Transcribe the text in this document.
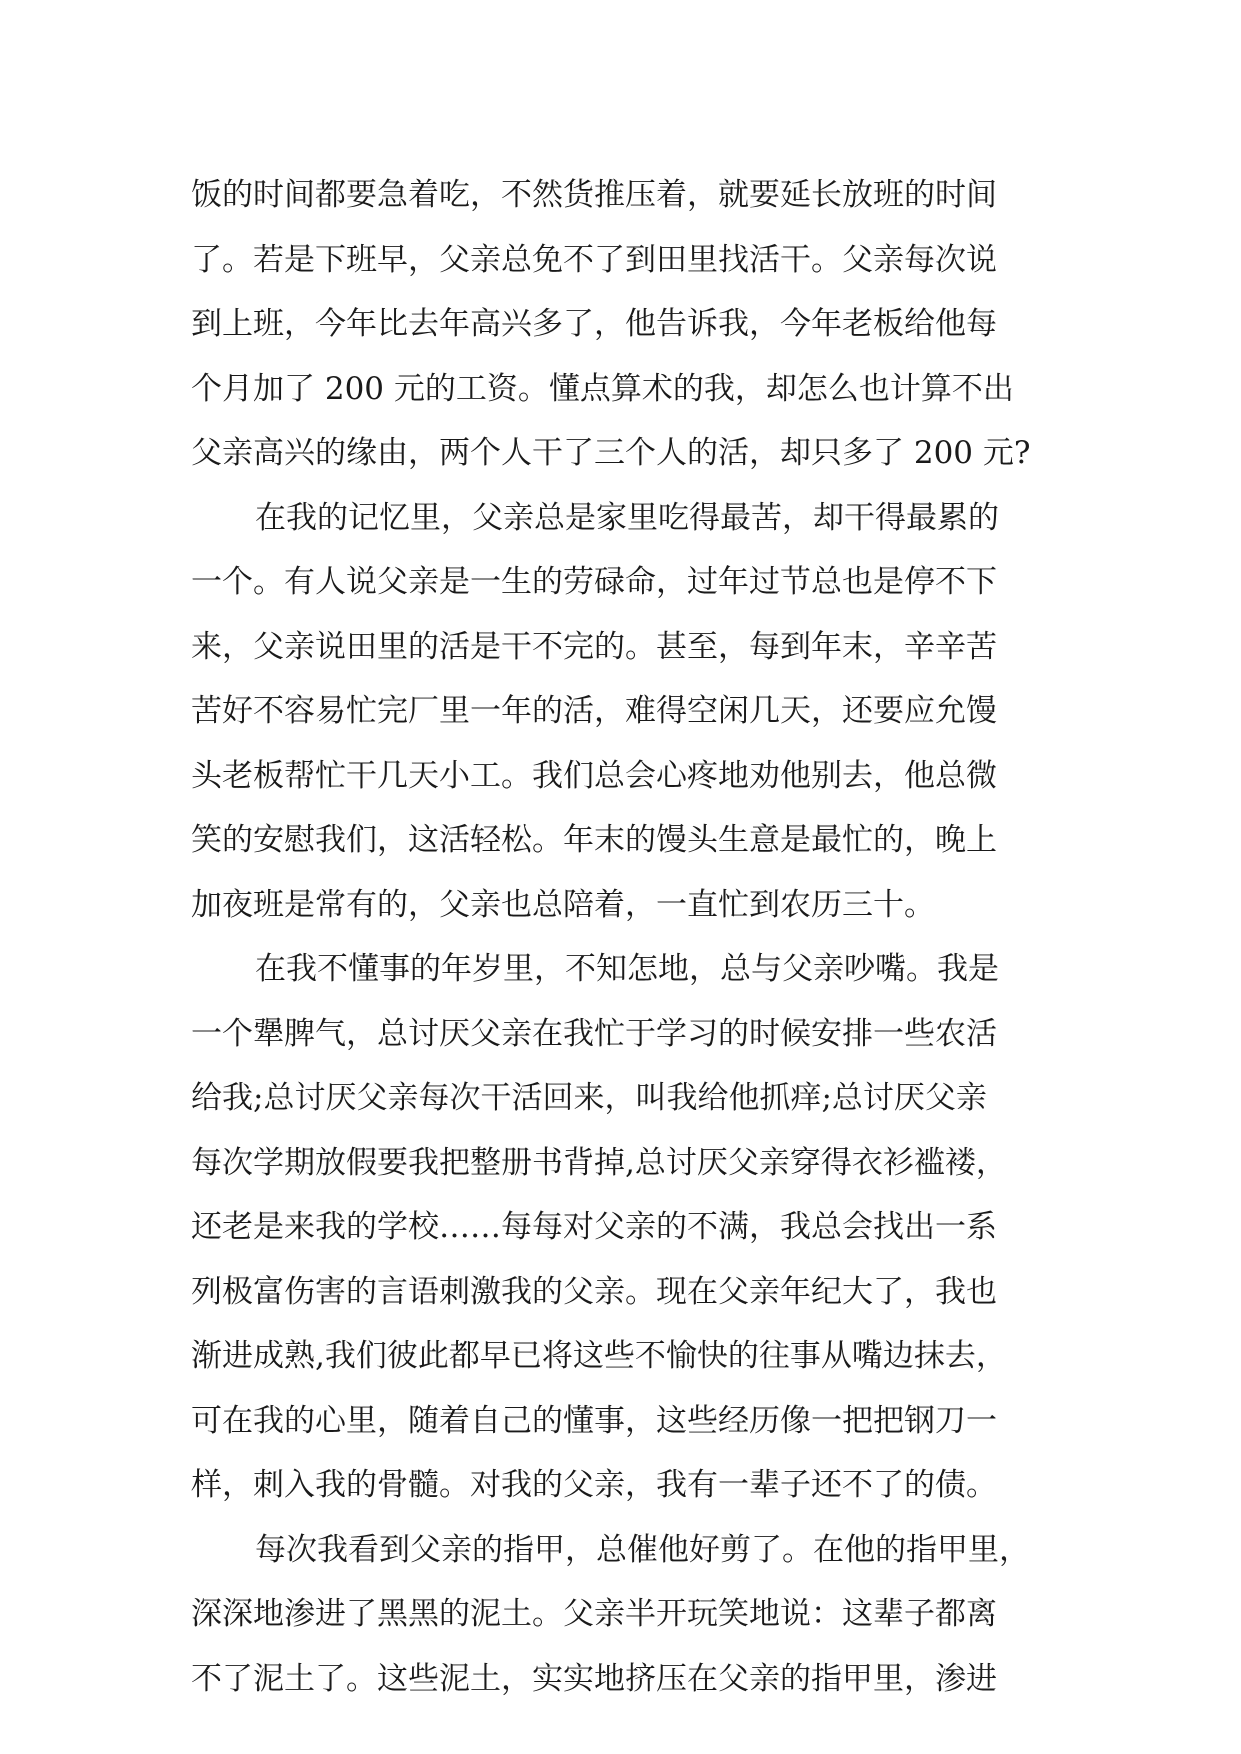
饭的时间都要急着吃，不然货推压着，就要延长放班的时间
了。若是下班早，父亲总免不了到田里找活干。父亲每次说
到上班，今年比去年高兴多了，他告诉我，今年老板给他每
个月加了 200 元的工资。懂点算术的我，却怎么也计算不出
父亲高兴的缘由，两个人干了三个人的活，却只多了 200 元?
在我的记忆里，父亲总是家里吃得最苦，却干得最累的
一个。有人说父亲是一生的劳碌命，过年过节总也是停不下
来，父亲说田里的活是干不完的。甚至，每到年末，辛辛苦
苦好不容易忙完厂里一年的活，难得空闲几天，还要应允馒
头老板帮忙干几天小工。我们总会心疼地劝他别去，他总微
笑的安慰我们，这活轻松。年末的馒头生意是最忙的，晚上
加夜班是常有的，父亲也总陪着，一直忙到农历三十。
在我不懂事的年岁里，不知怎地，总与父亲吵嘴。我是
一个犟脾气，总讨厌父亲在我忙于学习的时候安排一些农活
给我;总讨厌父亲每次干活回来，叫我给他抓痒;总讨厌父亲
每次学期放假要我把整册书背掉,总讨厌父亲穿得衣衫褴褛，
还老是来我的学校……每每对父亲的不满，我总会找出一系
列极富伤害的言语刺激我的父亲。现在父亲年纪大了，我也
渐进成熟,我们彼此都早已将这些不愉快的往事从嘴边抹去，
可在我的心里，随着自己的懂事，这些经历像一把把钢刀一
样，刺入我的骨髓。对我的父亲，我有一辈子还不了的债。
每次我看到父亲的指甲，总催他好剪了。在他的指甲里，
深深地渗进了黑黑的泥土。父亲半开玩笑地说：这辈子都离
不了泥土了。这些泥土，实实地挤压在父亲的指甲里，渗进
